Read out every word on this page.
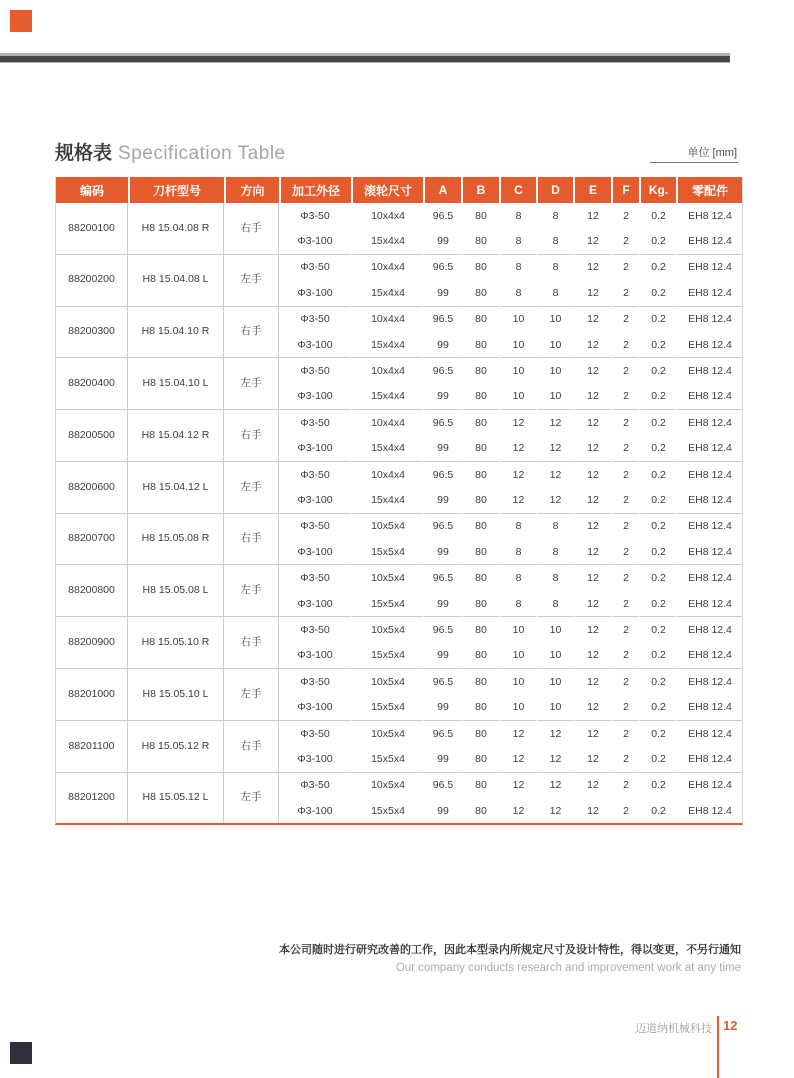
规格表 Specification Table	单位 [mm]
编码	刀杆型号	方向	加工外径	滚轮尺寸	A	B	C	D	E	F	Kg.	零配件
88200100	H8 15.04.08 R	右手	Φ3-50	10x4x4	96.5	80	8	8	12	2	0.2	EH8 12.4
			Φ3-100	15x4x4	99	80	8	8	12	2	0.2	EH8 12.4
88200200	H8 15.04.08 L	左手	Φ3-50	10x4x4	96.5	80	8	8	12	2	0.2	EH8 12.4
			Φ3-100	15x4x4	99	80	8	8	12	2	0.2	EH8 12.4
88200300	H8 15.04.10 R	右手	Φ3-50	10x4x4	96.5	80	10	10	12	2	0.2	EH8 12.4
			Φ3-100	15x4x4	99	80	10	10	12	2	0.2	EH8 12.4
88200400	H8 15.04.10 L	左手	Φ3-50	10x4x4	96.5	80	10	10	12	2	0.2	EH8 12.4
			Φ3-100	15x4x4	99	80	10	10	12	2	0.2	EH8 12.4
88200500	H8 15.04.12 R	右手	Φ3-50	10x4x4	96.5	80	12	12	12	2	0.2	EH8 12.4
			Φ3-100	15x4x4	99	80	12	12	12	2	0.2	EH8 12.4
88200600	H8 15.04.12 L	左手	Φ3-50	10x4x4	96.5	80	12	12	12	2	0.2	EH8 12.4
			Φ3-100	15x4x4	99	80	12	12	12	2	0.2	EH8 12.4
88200700	H8 15.05.08 R	右手	Φ3-50	10x5x4	96.5	80	8	8	12	2	0.2	EH8 12.4
			Φ3-100	15x5x4	99	80	8	8	12	2	0.2	EH8 12.4
88200800	H8 15.05.08 L	左手	Φ3-50	10x5x4	96.5	80	8	8	12	2	0.2	EH8 12.4
			Φ3-100	15x5x4	99	80	8	8	12	2	0.2	EH8 12.4
88200900	H8 15.05.10 R	右手	Φ3-50	10x5x4	96.5	80	10	10	12	2	0.2	EH8 12.4
			Φ3-100	15x5x4	99	80	10	10	12	2	0.2	EH8 12.4
88201000	H8 15.05.10 L	左手	Φ3-50	10x5x4	96.5	80	10	10	12	2	0.2	EH8 12.4
			Φ3-100	15x5x4	99	80	10	10	12	2	0.2	EH8 12.4
88201100	H8 15.05.12 R	右手	Φ3-50	10x5x4	96.5	80	12	12	12	2	0.2	EH8 12.4
			Φ3-100	15x5x4	99	80	12	12	12	2	0.2	EH8 12.4
88201200	H8 15.05.12 L	左手	Φ3-50	10x5x4	96.5	80	12	12	12	2	0.2	EH8 12.4
			Φ3-100	15x5x4	99	80	12	12	12	2	0.2	EH8 12.4
本公司随时进行研究改善的工作，因此本型录内所规定尺寸及设计特性，得以变更，不另行通知
Our company conducts research and improvement work at any time
迈道纳机械科技 12
